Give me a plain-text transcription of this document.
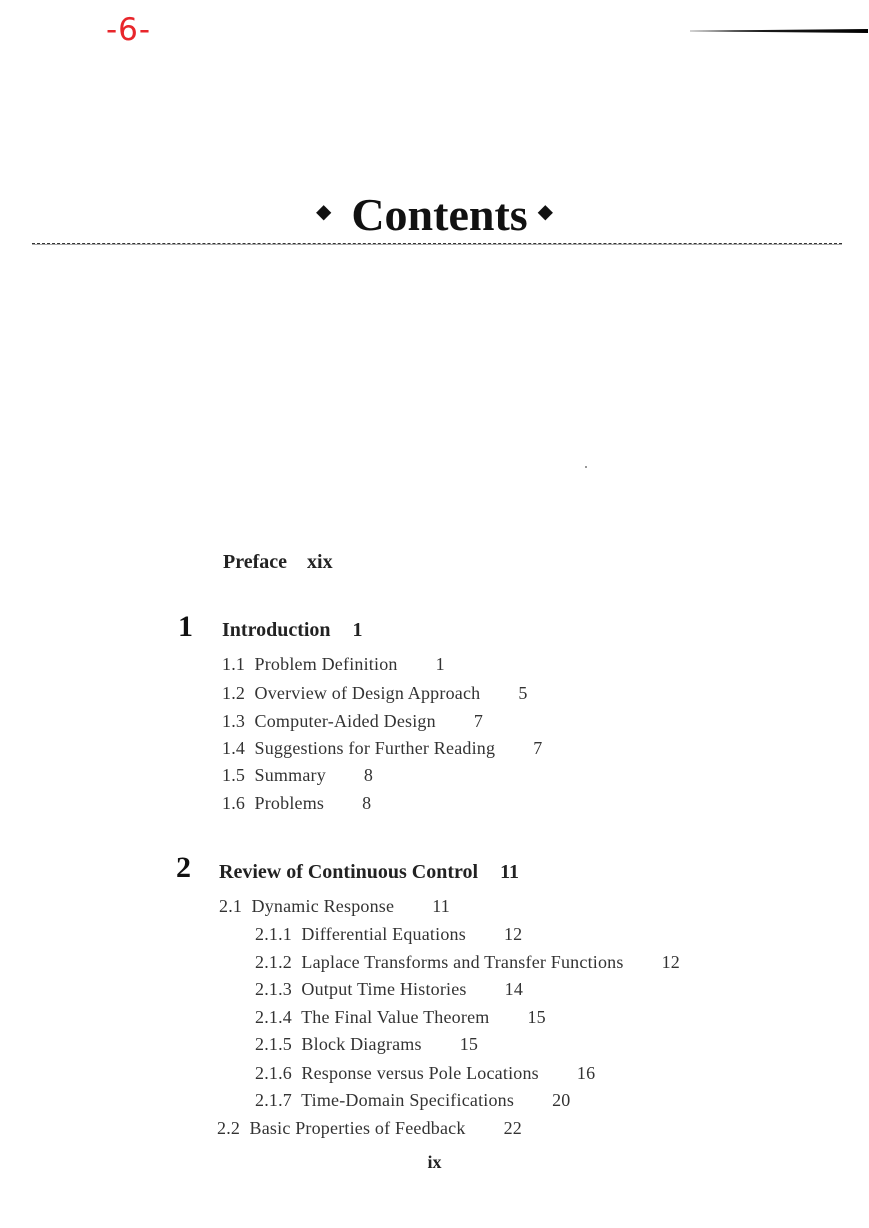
-6-
◆ Contents ◆
Preface xix
1 Introduction 1
1.1 Problem Definition 1
1.2 Overview of Design Approach 5
1.3 Computer-Aided Design 7
1.4 Suggestions for Further Reading 7
1.5 Summary 8
1.6 Problems 8
2 Review of Continuous Control 11
2.1 Dynamic Response 11
2.1.1 Differential Equations 12
2.1.2 Laplace Transforms and Transfer Functions 12
2.1.3 Output Time Histories 14
2.1.4 The Final Value Theorem 15
2.1.5 Block Diagrams 15
2.1.6 Response versus Pole Locations 16
2.1.7 Time-Domain Specifications 20
2.2 Basic Properties of Feedback 22
ix
